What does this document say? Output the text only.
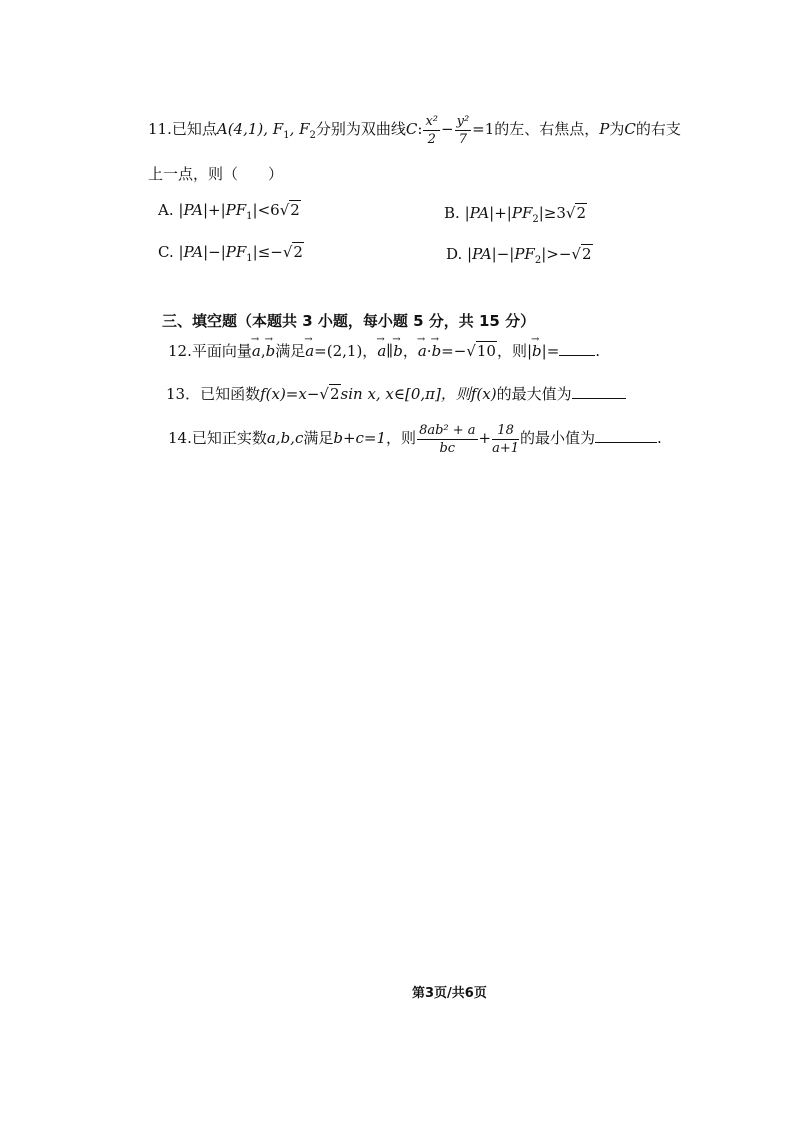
11.已知点A(4,1), $F_1$, $F_2$分别为双曲线C: $\frac{\text{x²}}{2} - \frac{\text{y²}}{7} =1$的左、右焦点，P为C的右支
上一点，则（　　）
A. $|PA|+|PF_1|<6√2$	B. $|PA|+|PF_2|\ge 3√2$
C. $|PA|-|PF_1|\le-√2$	D. $|PA|-|PF_2|>-√2$
三、填空题（本题共 3 小题，每小题 5 分，共 15 分）
12.平面向量→ a,→ b满足→ a=(2,1)，→ a∥→ b，→ a·→ b=−√10，则|→ b|= .
13．已知函数f(x)=x−√2sin x, x∈[0,π]，则f(x)的最大值为
14.已知正实数a,b,c满足b+c=1，则 $\frac{\text{8ab² + a}}{bc} + \frac{18}{a+1}$ 的最小值为	.
第3页/共6页
